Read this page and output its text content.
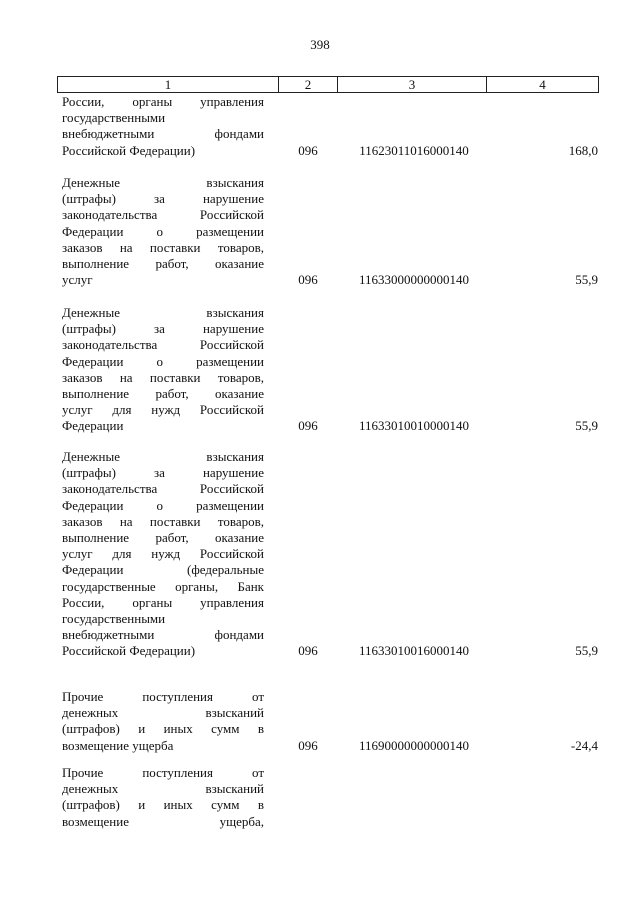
398
1	2	3	4
России, органы управления
государственными
внебюджетными фондами
Российской Федерации)	096	11623011016000140	168,0
Денежные взыскания
(штрафы) за нарушение
законодательства Российской
Федерации о размещении
заказов на поставки товаров,
выполнение работ, оказание
услуг	096	11633000000000140	55,9
Денежные взыскания
(штрафы) за нарушение
законодательства Российской
Федерации о размещении
заказов на поставки товаров,
выполнение работ, оказание
услуг для нужд Российской
Федерации	096	11633010010000140	55,9
Денежные взыскания
(штрафы) за нарушение
законодательства Российской
Федерации о размещении
заказов на поставки товаров,
выполнение работ, оказание
услуг для нужд Российской
Федерации (федеральные
государственные органы, Банк
России, органы управления
государственными
внебюджетными фондами
Российской Федерации)	096	11633010016000140	55,9
Прочие поступления от
денежных взысканий
(штрафов) и иных сумм в
возмещение ущерба	096	11690000000000140	-24,4
Прочие поступления от
денежных взысканий
(штрафов) и иных сумм в
возмещение ущерба,
